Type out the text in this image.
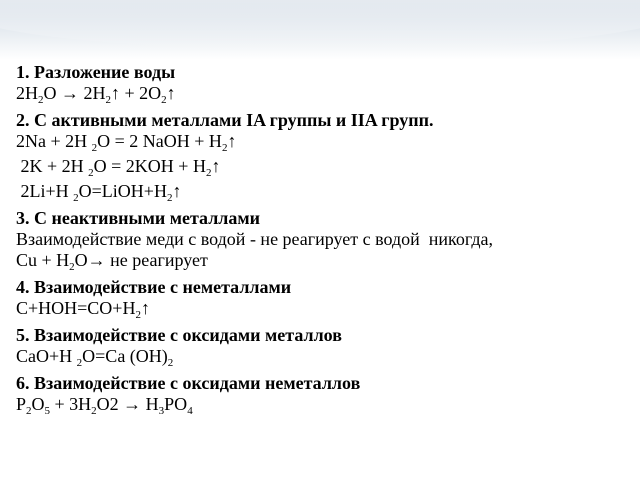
1. Разложение воды
$2H_2O$ → $2H_2↑$ + $2O_2↑$
2. С активными металлами IA группы и IIA групп.
2Na + 2H $_2$O = 2 NaOH + $H_2↑$
2K + 2H $_2O = 2KOH + H_2↑$
2Li+H $_2O=LiOH+H_2↑$
3. С неактивными металлами
Взаимодействие меди с водой - не реагирует с водой  никогда,
$Cu + H_2O\to$ не реагирует
4. Взаимодействие с неметаллами
$C+HOH=CO+H_2↑$
5. Взаимодействие с оксидами металлов
CaO+H $_2$O=Ca $(OH)_2$
6. Взаимодействие с оксидами неметаллов
$P_2O_5 + 3H_2O2 \to H_3PO_4$
